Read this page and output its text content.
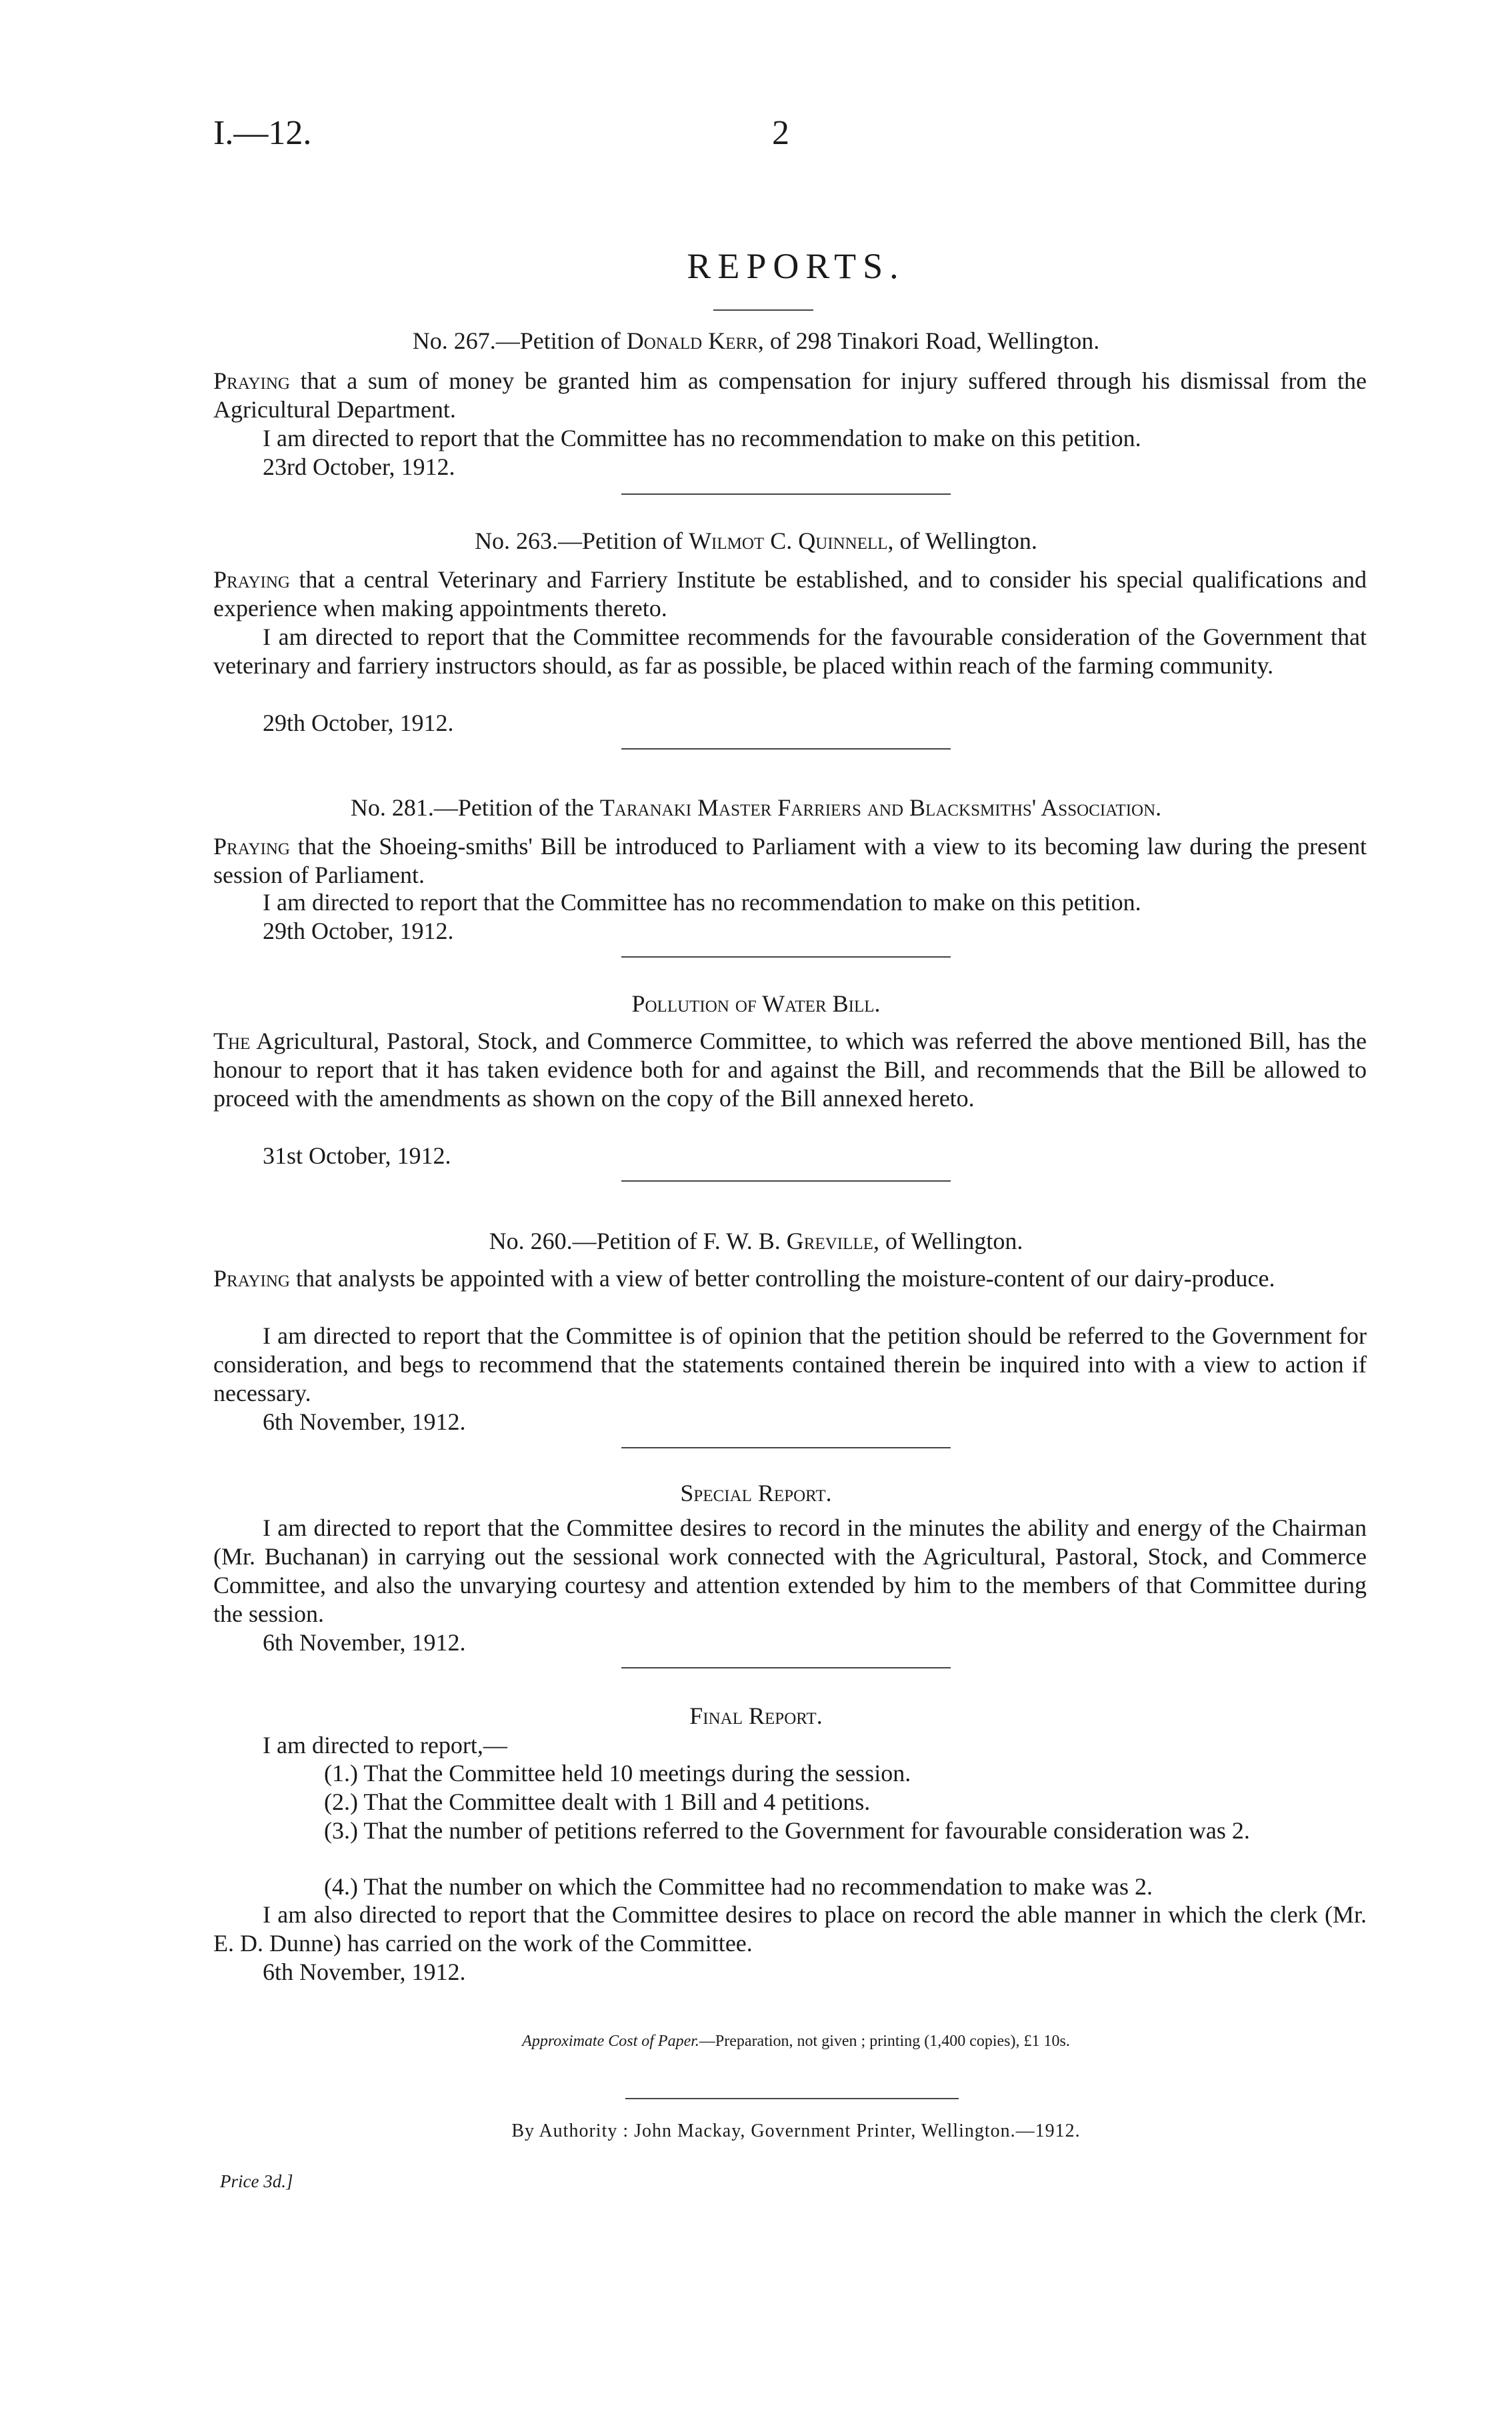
I.—12.	2
REPORTS.
No. 267.—Petition of Donald Kerr, of 298 Tinakori Road, Wellington.
Praying that a sum of money be granted him as compensation for injury suffered through his dismissal from the Agricultural Department.
I am directed to report that the Committee has no recommendation to make on this petition.
23rd October, 1912.
No. 263.—Petition of Wilmot C. Quinnell, of Wellington.
Praying that a central Veterinary and Farriery Institute be established, and to consider his special qualifications and experience when making appointments thereto.
I am directed to report that the Committee recommends for the favourable consideration of the Government that veterinary and farriery instructors should, as far as possible, be placed within reach of the farming community.
29th October, 1912.
No. 281.—Petition of the Taranaki Master Farriers and Blacksmiths' Association.
Praying that the Shoeing-smiths' Bill be introduced to Parliament with a view to its becoming law during the present session of Parliament.
I am directed to report that the Committee has no recommendation to make on this petition.
29th October, 1912.
Pollution of Water Bill.
The Agricultural, Pastoral, Stock, and Commerce Committee, to which was referred the above mentioned Bill, has the honour to report that it has taken evidence both for and against the Bill, and recommends that the Bill be allowed to proceed with the amendments as shown on the copy of the Bill annexed hereto.
31st October, 1912.
No. 260.—Petition of F. W. B. Greville, of Wellington.
Praying that analysts be appointed with a view of better controlling the moisture-content of our dairy-produce.
I am directed to report that the Committee is of opinion that the petition should be referred to the Government for consideration, and begs to recommend that the statements contained therein be inquired into with a view to action if necessary.
6th November, 1912.
Special Report.
I am directed to report that the Committee desires to record in the minutes the ability and energy of the Chairman (Mr. Buchanan) in carrying out the sessional work connected with the Agricultural, Pastoral, Stock, and Commerce Committee, and also the unvarying courtesy and attention extended by him to the members of that Committee during the session.
6th November, 1912.
Final Report.
I am directed to report,—
(1.) That the Committee held 10 meetings during the session.
(2.) That the Committee dealt with 1 Bill and 4 petitions.
(3.) That the number of petitions referred to the Government for favourable consideration was 2.
(4.) That the number on which the Committee had no recommendation to make was 2.
I am also directed to report that the Committee desires to place on record the able manner in which the clerk (Mr. E. D. Dunne) has carried on the work of the Committee.
6th November, 1912.
Approximate Cost of Paper.—Preparation, not given ; printing (1,400 copies), £1 10s.
By Authority : John Mackay, Government Printer, Wellington.—1912.
Price 3d.]
